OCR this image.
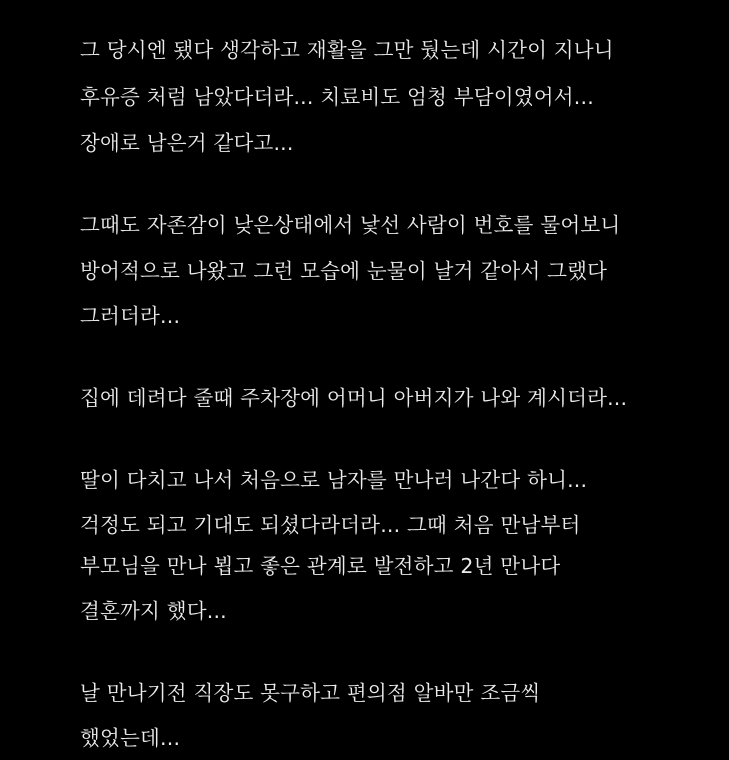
그 당시엔 됐다 생각하고 재활을 그만 뒀는데 시간이 지나니
후유증 처럼 남았다더라... 치료비도 엄청 부담이였어서...
장애로 남은거 같다고...
그때도 자존감이 낮은상태에서 낯선 사람이 번호를 물어보니
방어적으로 나왔고 그런 모습에 눈물이 날거 같아서 그랬다
그러더라...
집에 데려다 줄때 주차장에 어머니 아버지가 나와 계시더라...
딸이 다치고 나서 처음으로 남자를 만나러 나간다 하니...
걱정도 되고 기대도 되셨다라더라... 그때 처음 만남부터
부모님을 만나 뵙고 좋은 관계로 발전하고 2년 만나다
결혼까지 했다...
날 만나기전 직장도 못구하고 편의점 알바만 조금씩
했었는데...
